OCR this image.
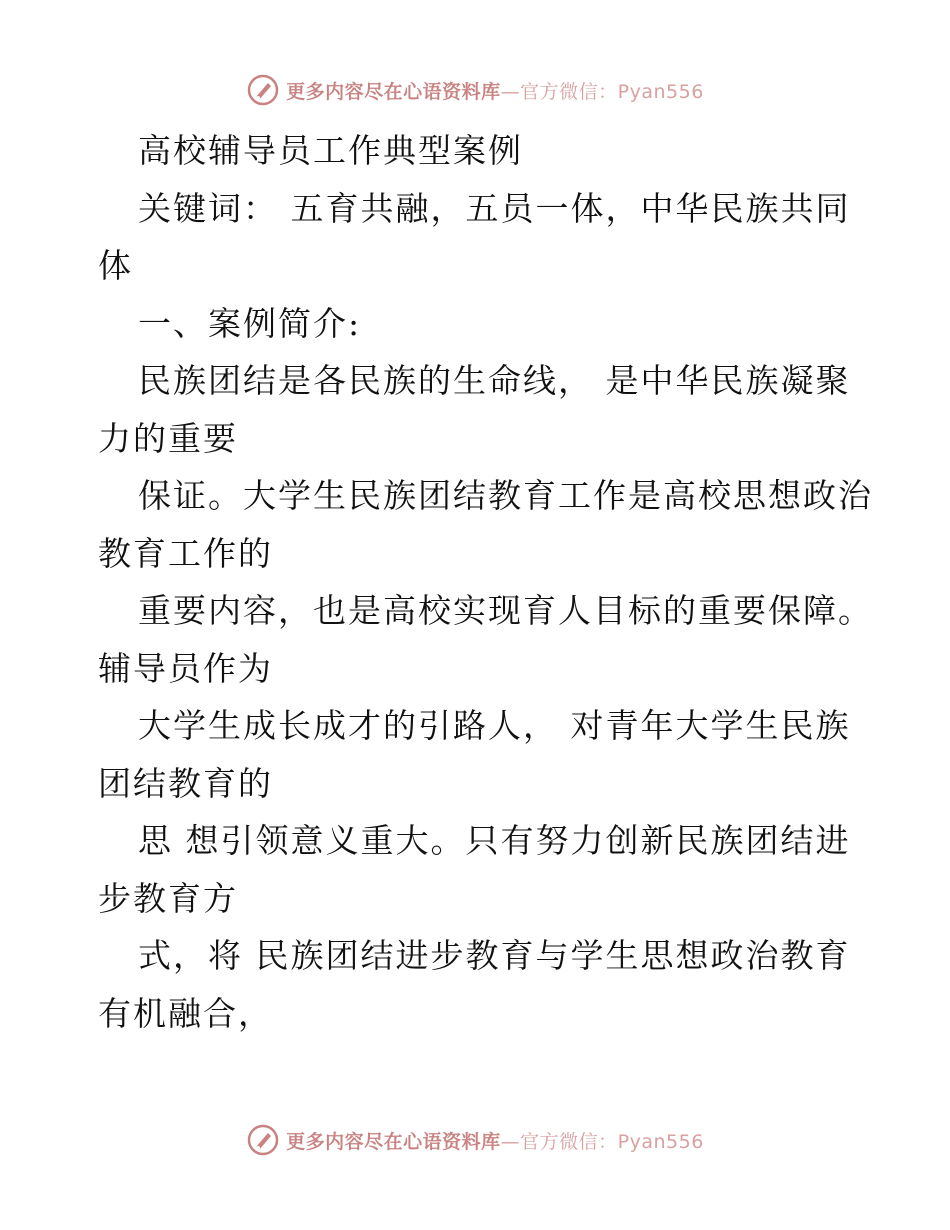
更多内容尽在心语资料库—官方微信：Pyan556
高校辅导员工作典型案例
关键词： 五育共融，五员一体，中华民族共同
体
一、案例简介:
民族团结是各民族的生命线， 是中华民族凝聚
力的重要
保证。大学生民族团结教育工作是高校思想政治
教育工作的
重要内容，也是高校实现育人目标的重要保障。
辅导员作为
大学生成长成才的引路人， 对青年大学生民族
团结教育的
思 想引领意义重大。只有努力创新民族团结进
步教育方
式，将 民族团结进步教育与学生思想政治教育
有机融合，
更多内容尽在心语资料库—官方微信：Pyan556
